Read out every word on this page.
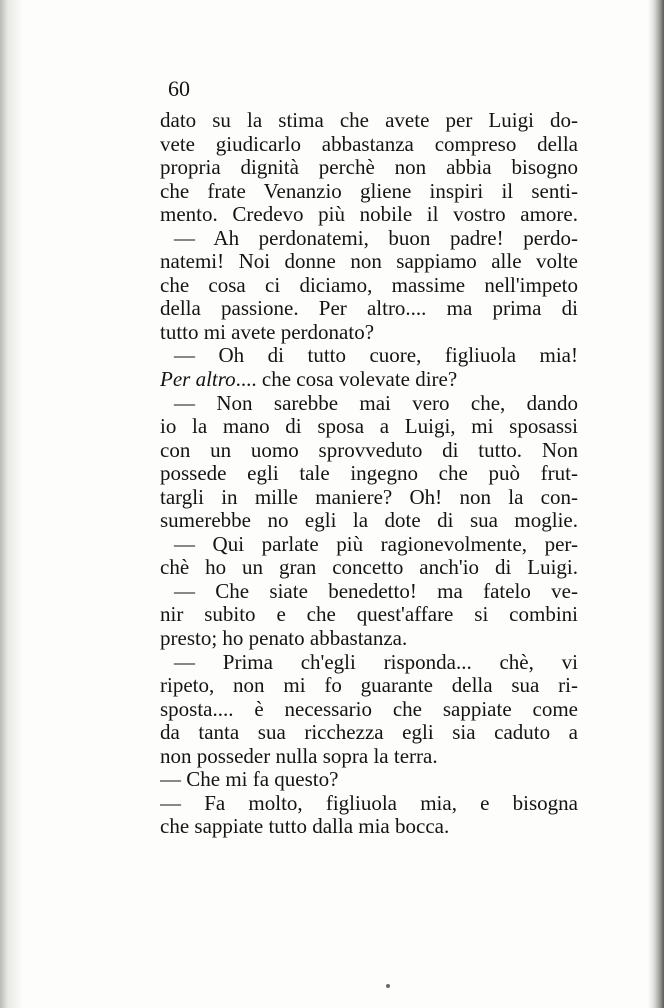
60
dato su la stima che avete per Luigi do-
vete giudicarlo abbastanza compreso della
propria dignità perchè non abbia bisogno
che frate Venanzio gliene inspiri il senti-
mento. Credevo più nobile il vostro amore.
— Ah perdonatemi, buon padre! perdo-
natemi! Noi donne non sappiamo alle volte
che cosa ci diciamo, massime nell'impeto
della passione. Per altro.... ma prima di
tutto mi avete perdonato?
— Oh di tutto cuore, figliuola mia!
Per altro.... che cosa volevate dire?
— Non sarebbe mai vero che, dando
io la mano di sposa a Luigi, mi sposassi
con un uomo sprovveduto di tutto. Non
possede egli tale ingegno che può frut-
targli in mille maniere? Oh! non la con-
sumerebbe no egli la dote di sua moglie.
— Qui parlate più ragionevolmente, per-
chè ho un gran concetto anch'io di Luigi.
— Che siate benedetto! ma fatelo ve-
nir subito e che quest'affare si combini
presto; ho penato abbastanza.
— Prima ch'egli risponda... chè, vi
ripeto, non mi fo guarante della sua ri-
sposta.... è necessario che sappiate come
da tanta sua ricchezza egli sia caduto a
non posseder nulla sopra la terra.
— Che mi fa questo?
— Fa molto, figliuola mia, e bisogna
che sappiate tutto dalla mia bocca.
